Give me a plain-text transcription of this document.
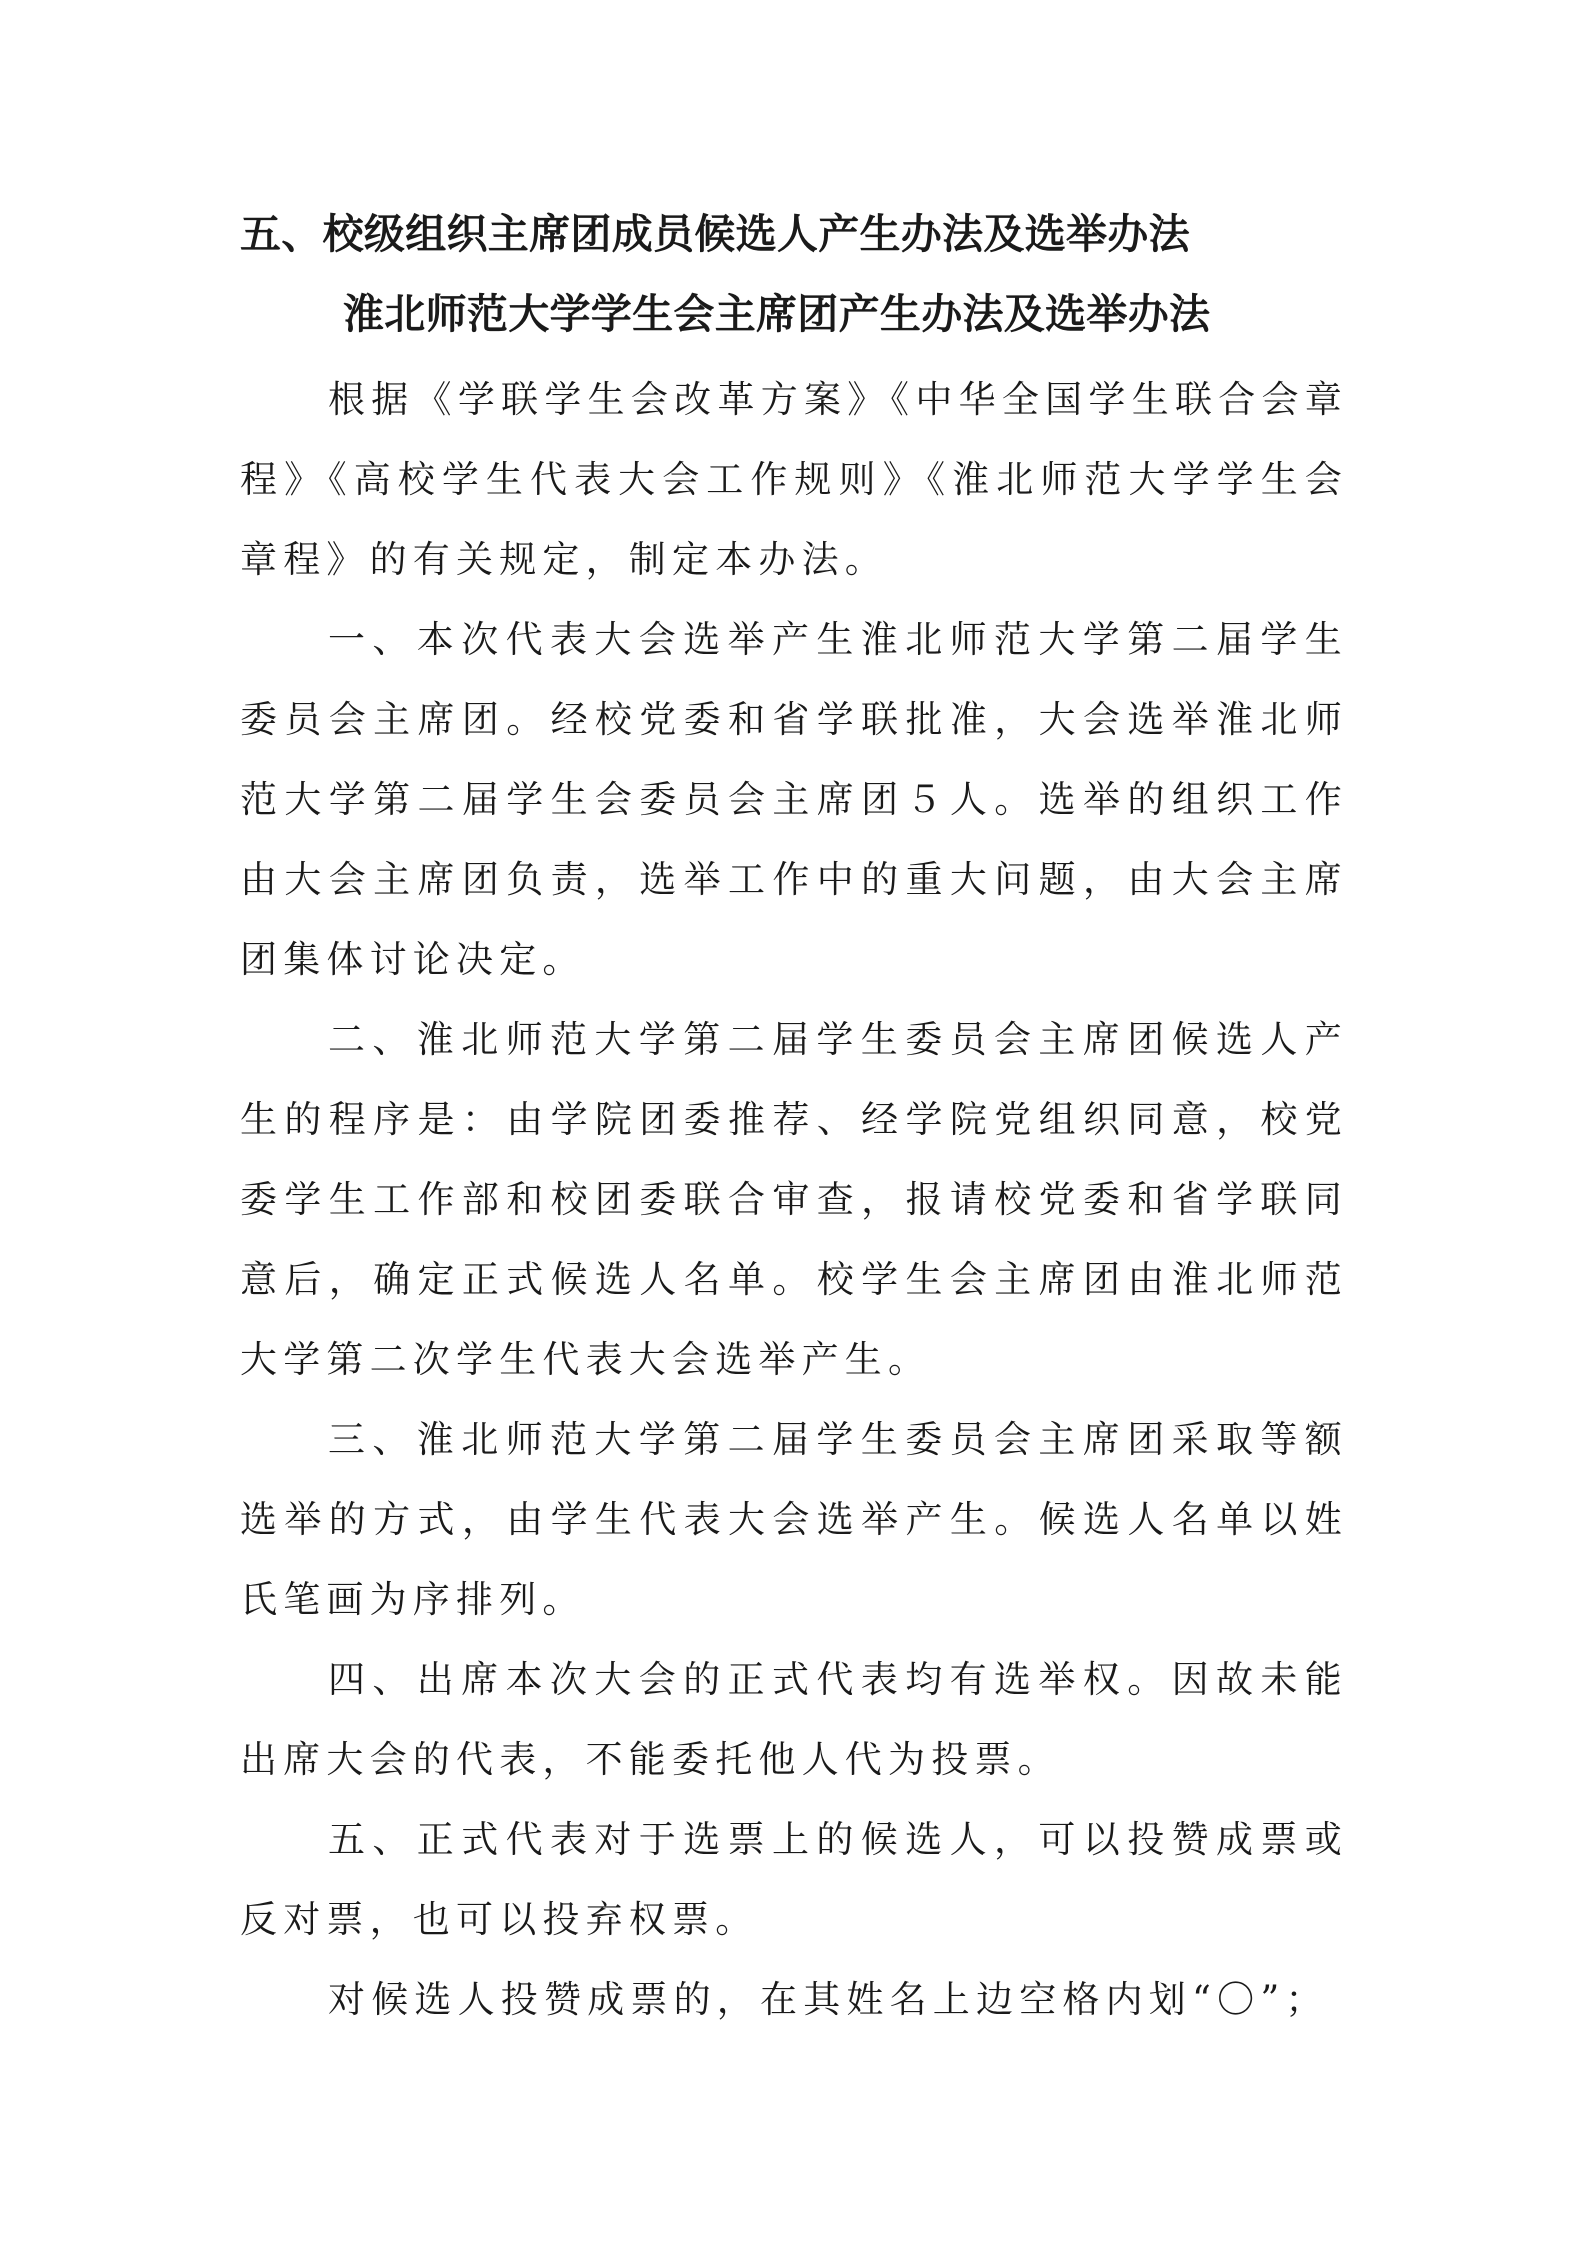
五、校级组织主席团成员候选人产生办法及选举办法
淮北师范大学学生会主席团产生办法及选举办法

根据《学联学生会改革方案》《中华全国学生联合会章程》《高校学生代表大会工作规则》《淮北师范大学学生会章程》的有关规定，制定本办法。

一、本次代表大会选举产生淮北师范大学第二届学生委员会主席团。经校党委和省学联批准，大会选举淮北师范大学第二届学生会委员会主席团５人。选举的组织工作由大会主席团负责，选举工作中的重大问题，由大会主席团集体讨论决定。

二、淮北师范大学第二届学生委员会主席团候选人产生的程序是：由学院团委推荐、经学院党组织同意，校党委学生工作部和校团委联合审查，报请校党委和省学联同意后，确定正式候选人名单。校学生会主席团由淮北师范大学第二次学生代表大会选举产生。

三、淮北师范大学第二届学生委员会主席团采取等额选举的方式，由学生代表大会选举产生。候选人名单以姓氏笔画为序排列。

四、出席本次大会的正式代表均有选举权。因故未能出席大会的代表，不能委托他人代为投票。

五、正式代表对于选票上的候选人，可以投赞成票或反对票，也可以投弃权票。

对候选人投赞成票的，在其姓名上边空格内划“〇”；
